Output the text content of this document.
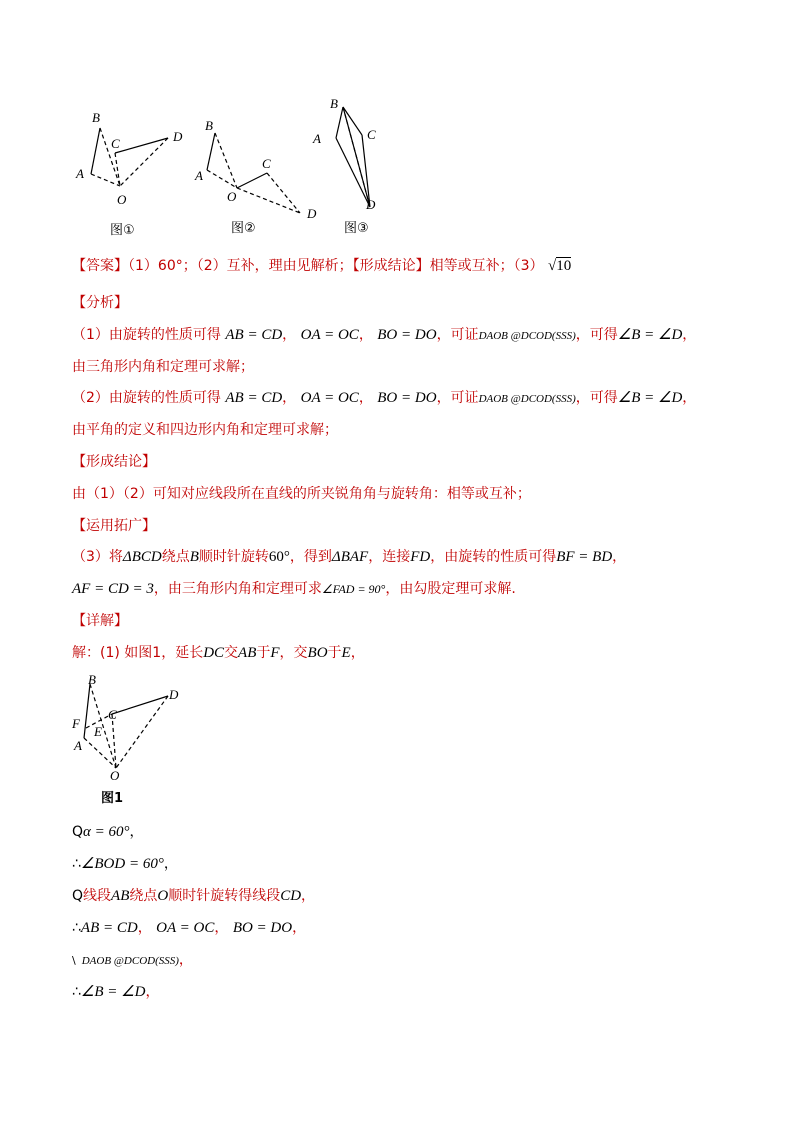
B
A
C	D
O
图①
B
A
C
D
O
图②
B
A	C
D
图③
【答案】（1）60°；（2）互补，理由见解析；【形成结论】相等或互补；（3） √10
【分析】
（1）由旋转的性质可得 AB = CD， OA = OC， BO = DO，可证DAOB @DCOD(SSS)，可得∠B = ∠D，
由三角形内角和定理可求解；
（2）由旋转的性质可得 AB = CD， OA = OC， BO = DO，可证DAOB @DCOD(SSS)，可得∠B = ∠D，
由平角的定义和四边形内角和定理可求解；
【形成结论】
由（1）（2）可知对应线段所在直线的所夹锐角角与旋转角：相等或互补；
【运用拓广】
（3）将ΔBCD绕点B顺时针旋转60°，得到ΔBAF，连接FD，由旋转的性质可得BF = BD，
AF = CD = 3，由三角形内角和定理可求∠FAD = 90°，由勾股定理可求解.
【详解】
解：(1) 如图1，延长DC交AB于F，交BO于E，
B
D
C
F
E
A
O
图1
Qα = 60°，
∴∠BOD = 60°，
Q线段AB绕点O顺时针旋转得线段CD，
∴AB = CD， OA = OC， BO = DO，
\ DAOB @DCOD(SSS)，
∴∠B = ∠D，
